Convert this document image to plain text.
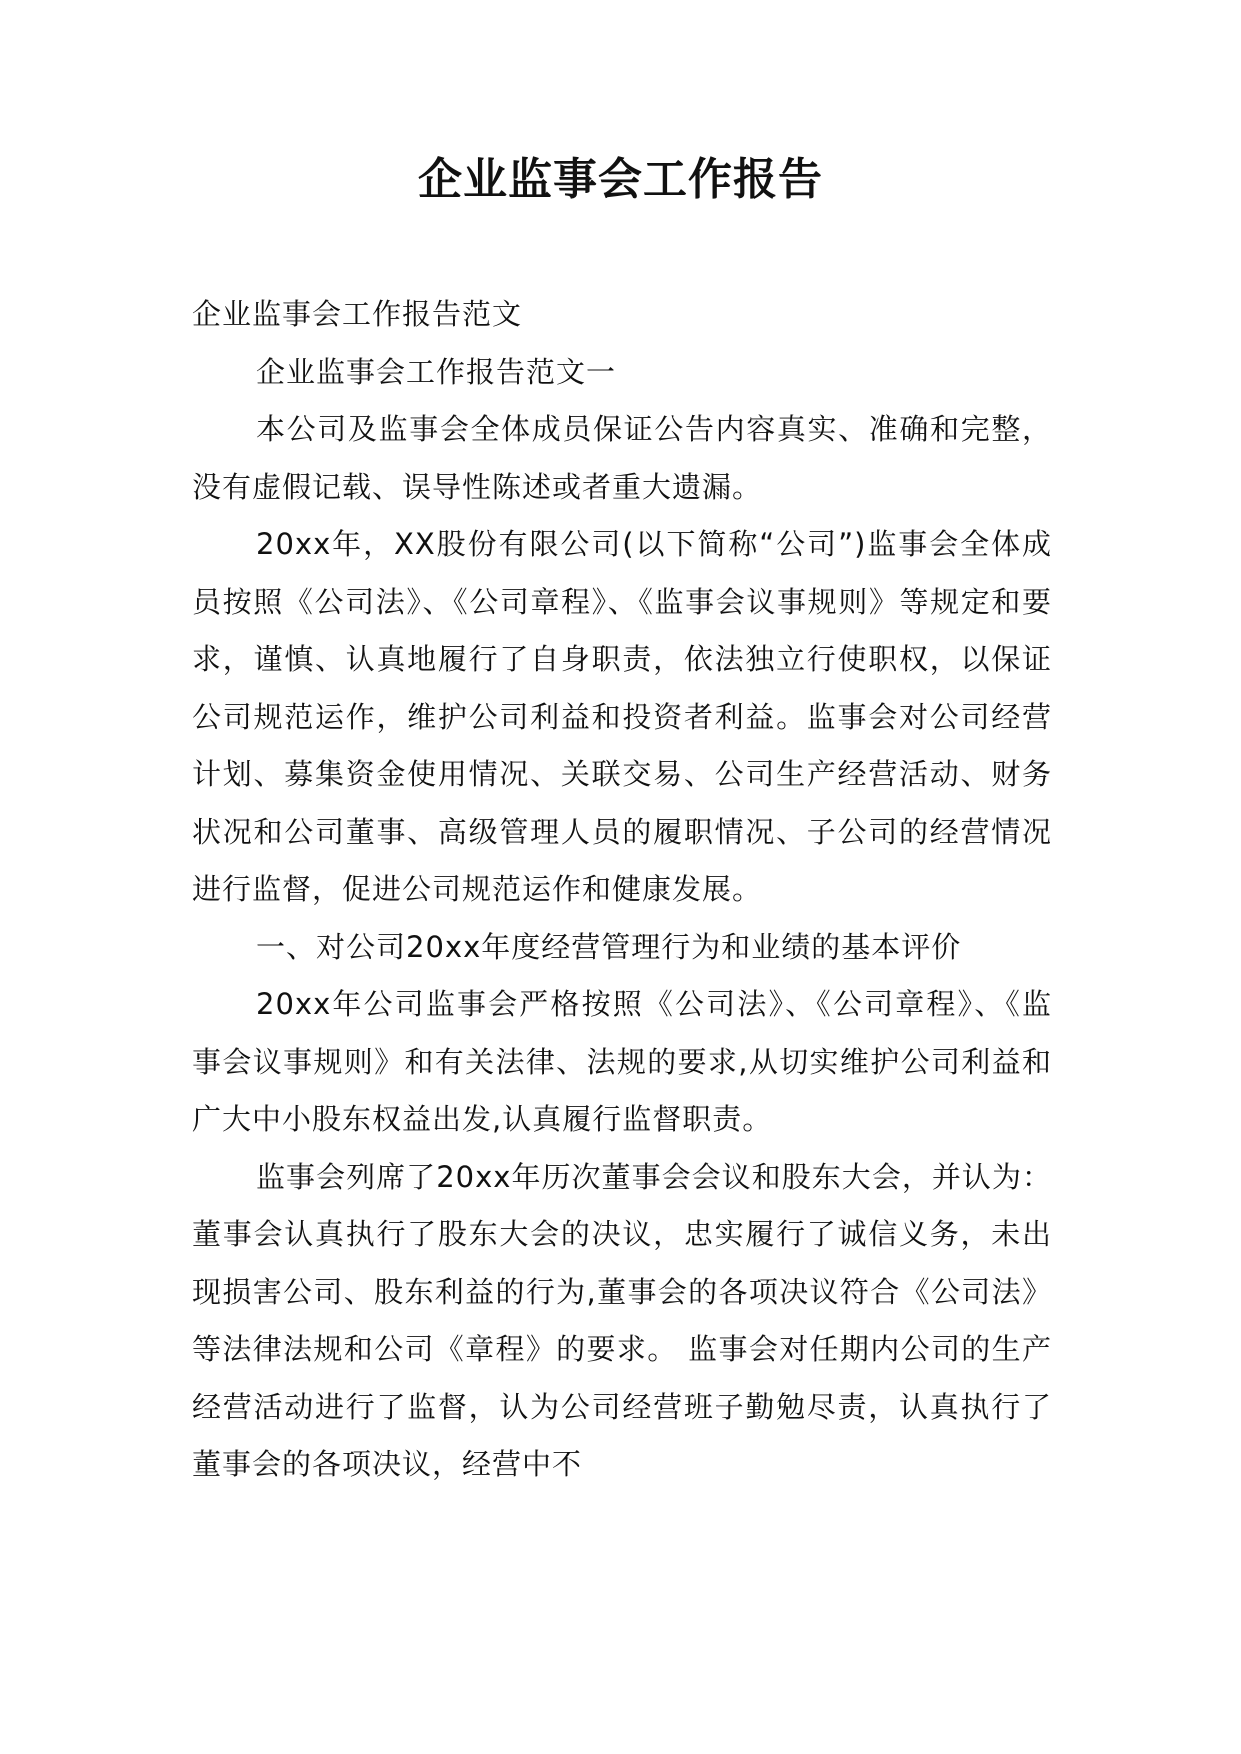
企业监事会工作报告

企业监事会工作报告范文

企业监事会工作报告范文一

本公司及监事会全体成员保证公告内容真实、准确和完整，没有虚假记载、误导性陈述或者重大遗漏。

20xx年，XX股份有限公司(以下简称“公司”)监事会全体成员按照《公司法》、《公司章程》、《监事会议事规则》等规定和要求，谨慎、认真地履行了自身职责，依法独立行使职权，以保证公司规范运作，维护公司利益和投资者利益。监事会对公司经营计划、募集资金使用情况、关联交易、公司生产经营活动、财务状况和公司董事、高级管理人员的履职情况、子公司的经营情况进行监督，促进公司规范运作和健康发展。

一、对公司20xx年度经营管理行为和业绩的基本评价

20xx年公司监事会严格按照《公司法》、《公司章程》、《监事会议事规则》和有关法律、法规的要求,从切实维护公司利益和广大中小股东权益出发,认真履行监督职责。

监事会列席了20xx年历次董事会会议和股东大会，并认为：董事会认真执行了股东大会的决议，忠实履行了诚信义务，未出现损害公司、股东利益的行为,董事会的各项决议符合《公司法》等法律法规和公司《章程》的要求。 监事会对任期内公司的生产经营活动进行了监督，认为公司经营班子勤勉尽责，认真执行了董事会的各项决议，经营中不
